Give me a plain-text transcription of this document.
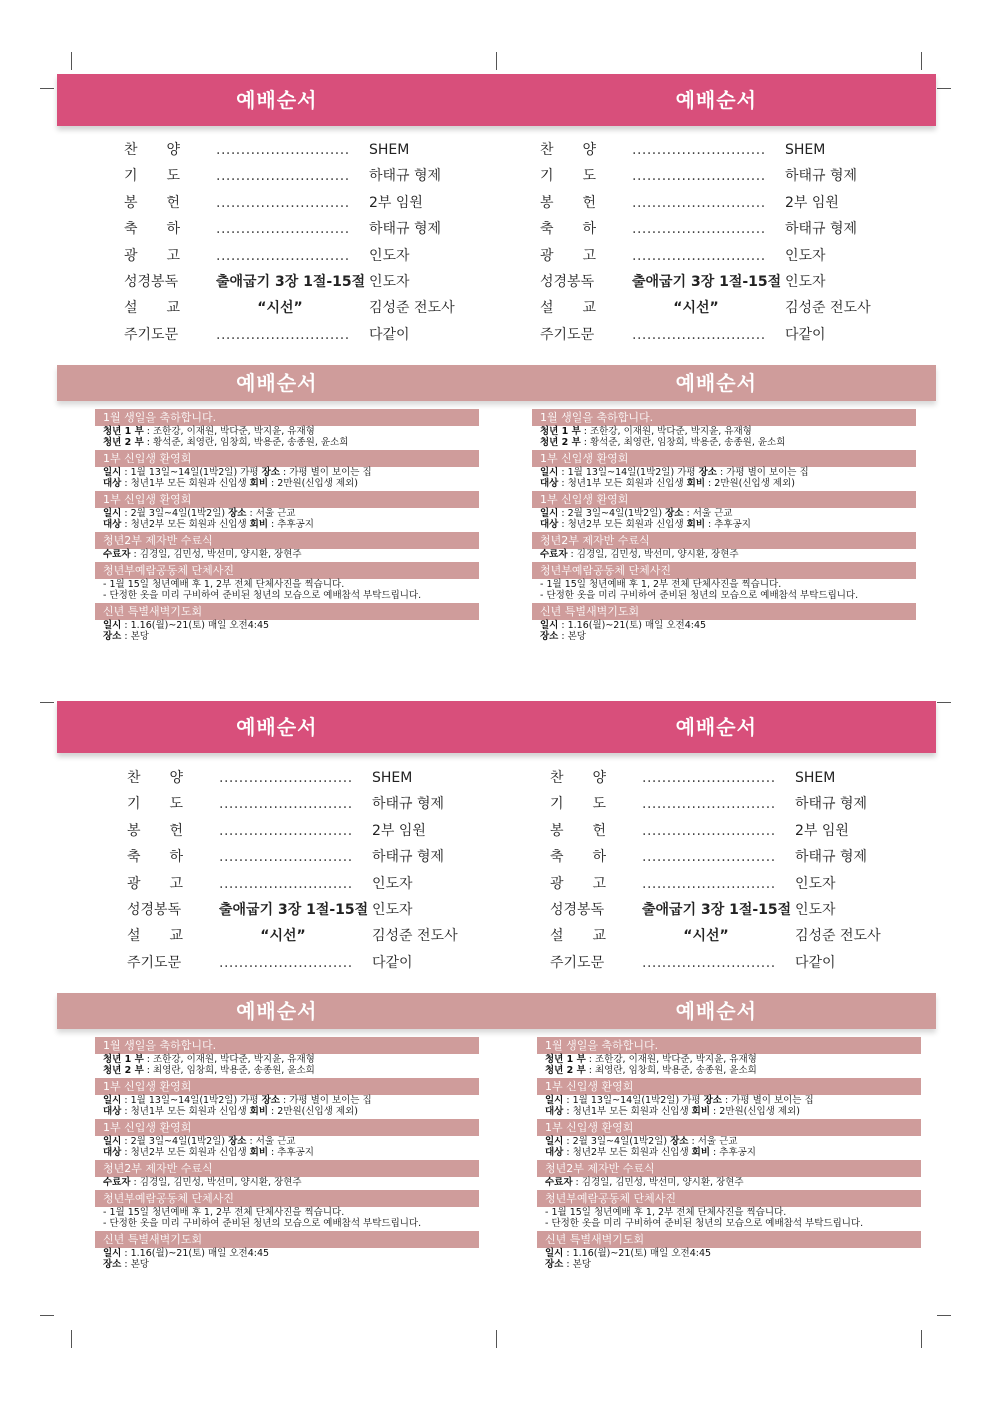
예배순서	예배순서
예배순서	예배순서
예배순서	예배순서
예배순서	예배순서
찬 양	........................... SHEM
기 도	........................... 하태규 형제
봉 헌	........................... 2부 임원
축 하	........................... 하태규 형제
광 고	........................... 인도자
성경봉독	출애굽기 3장 1절-15절 인도자
설 교	“시선”	김성준 전도사
주기도문	........................... 다같이
찬 양	........................... SHEM
기 도	........................... 하태규 형제
봉 헌	........................... 2부 임원
축 하	........................... 하태규 형제
광 고	........................... 인도자
성경봉독	출애굽기 3장 1절-15절 인도자
설 교	“시선”	김성준 전도사
주기도문	........................... 다같이
찬 양	........................... SHEM
기 도	........................... 하태규 형제
봉 헌	........................... 2부 임원
축 하	........................... 하태규 형제
광 고	........................... 인도자
성경봉독	출애굽기 3장 1절-15절 인도자
설 교	“시선”	김성준 전도사
주기도문	........................... 다같이
찬 양	........................... SHEM
기 도	........................... 하태규 형제
봉 헌	........................... 2부 임원
축 하	........................... 하태규 형제
광 고	........................... 인도자
성경봉독	출애굽기 3장 1절-15절 인도자
설 교	“시선”	김성준 전도사
주기도문	........................... 다같이
1월 생일을 축하합니다.
청년 1 부 : 조한강, 이재원, 박다준, 박지윤, 유재형
청년 2 부 : 황석준, 최영란, 임창희, 박용준, 송종원, 윤소희
1부 신입생 환영회
일시 : 1월 13일~14일(1박2일) 가평 장소 : 가평 별이 보이는 집
대상 : 청년1부 모든 회원과 신입생 회비 : 2만원(신입생 제외)
1부 신입생 환영회
일시 : 2월 3일~4일(1박2일) 장소 : 서울 근교
대상 : 청년2부 모든 회원과 신입생 회비 : 추후공지
청년2부 제자반 수료식
수료자 : 김경일, 김민성, 박선미, 양시환, 장현주
청년부예람공동체 단체사진
- 1월 15일 청년예배 후 1, 2부 전체 단체사진을 찍습니다.
- 단정한 옷을 미리 구비하여 준비된 청년의 모습으로 예배참석 부탁드립니다.
신년 특별새벽기도회
일시 : 1.16(월)~21(토) 매일 오전4:45
장소 : 본당
1월 생일을 축하합니다.
청년 1 부 : 조한강, 이재원, 박다준, 박지윤, 유재형
청년 2 부 : 황석준, 최영란, 임창희, 박용준, 송종원, 윤소희
1부 신입생 환영회
일시 : 1월 13일~14일(1박2일) 가평 장소 : 가평 별이 보이는 집
대상 : 청년1부 모든 회원과 신입생 회비 : 2만원(신입생 제외)
1부 신입생 환영회
일시 : 2월 3일~4일(1박2일) 장소 : 서울 근교
대상 : 청년2부 모든 회원과 신입생 회비 : 추후공지
청년2부 제자반 수료식
수료자 : 김경일, 김민성, 박선미, 양시환, 장현주
청년부예람공동체 단체사진
- 1월 15일 청년예배 후 1, 2부 전체 단체사진을 찍습니다.
- 단정한 옷을 미리 구비하여 준비된 청년의 모습으로 예배참석 부탁드립니다.
신년 특별새벽기도회
일시 : 1.16(월)~21(토) 매일 오전4:45
장소 : 본당
1월 생일을 축하합니다.
청년 1 부 : 조한강, 이재원, 박다준, 박지윤, 유재형
청년 2 부 : 최영란, 임창희, 박용준, 송종원, 윤소희
1부 신입생 환영회
일시 : 1월 13일~14일(1박2일) 가평 장소 : 가평 별이 보이는 집
대상 : 청년1부 모든 회원과 신입생 회비 : 2만원(신입생 제외)
1부 신입생 환영회
일시 : 2월 3일~4일(1박2일) 장소 : 서울 근교
대상 : 청년2부 모든 회원과 신입생 회비 : 추후공지
청년2부 제자반 수료식
수료자 : 김경일, 김민성, 박선미, 양시환, 장현주
청년부예람공동체 단체사진
- 1월 15일 청년예배 후 1, 2부 전체 단체사진을 찍습니다.
- 단정한 옷을 미리 구비하여 준비된 청년의 모습으로 예배참석 부탁드립니다.
신년 특별새벽기도회
일시 : 1.16(월)~21(토) 매일 오전4:45
장소 : 본당
1월 생일을 축하합니다.
청년 1 부 : 조한강, 이재원, 박다준, 박지윤, 유재형
청년 2 부 : 최영란, 임창희, 박용준, 송종원, 윤소희
1부 신입생 환영회
일시 : 1월 13일~14일(1박2일) 가평 장소 : 가평 별이 보이는 집
대상 : 청년1부 모든 회원과 신입생 회비 : 2만원(신입생 제외)
1부 신입생 환영회
일시 : 2월 3일~4일(1박2일) 장소 : 서울 근교
대상 : 청년2부 모든 회원과 신입생 회비 : 추후공지
청년2부 제자반 수료식
수료자 : 김경일, 김민성, 박선미, 양시환, 장현주
청년부예람공동체 단체사진
- 1월 15일 청년예배 후 1, 2부 전체 단체사진을 찍습니다.
- 단정한 옷을 미리 구비하여 준비된 청년의 모습으로 예배참석 부탁드립니다.
신년 특별새벽기도회
일시 : 1.16(월)~21(토) 매일 오전4:45
장소 : 본당
